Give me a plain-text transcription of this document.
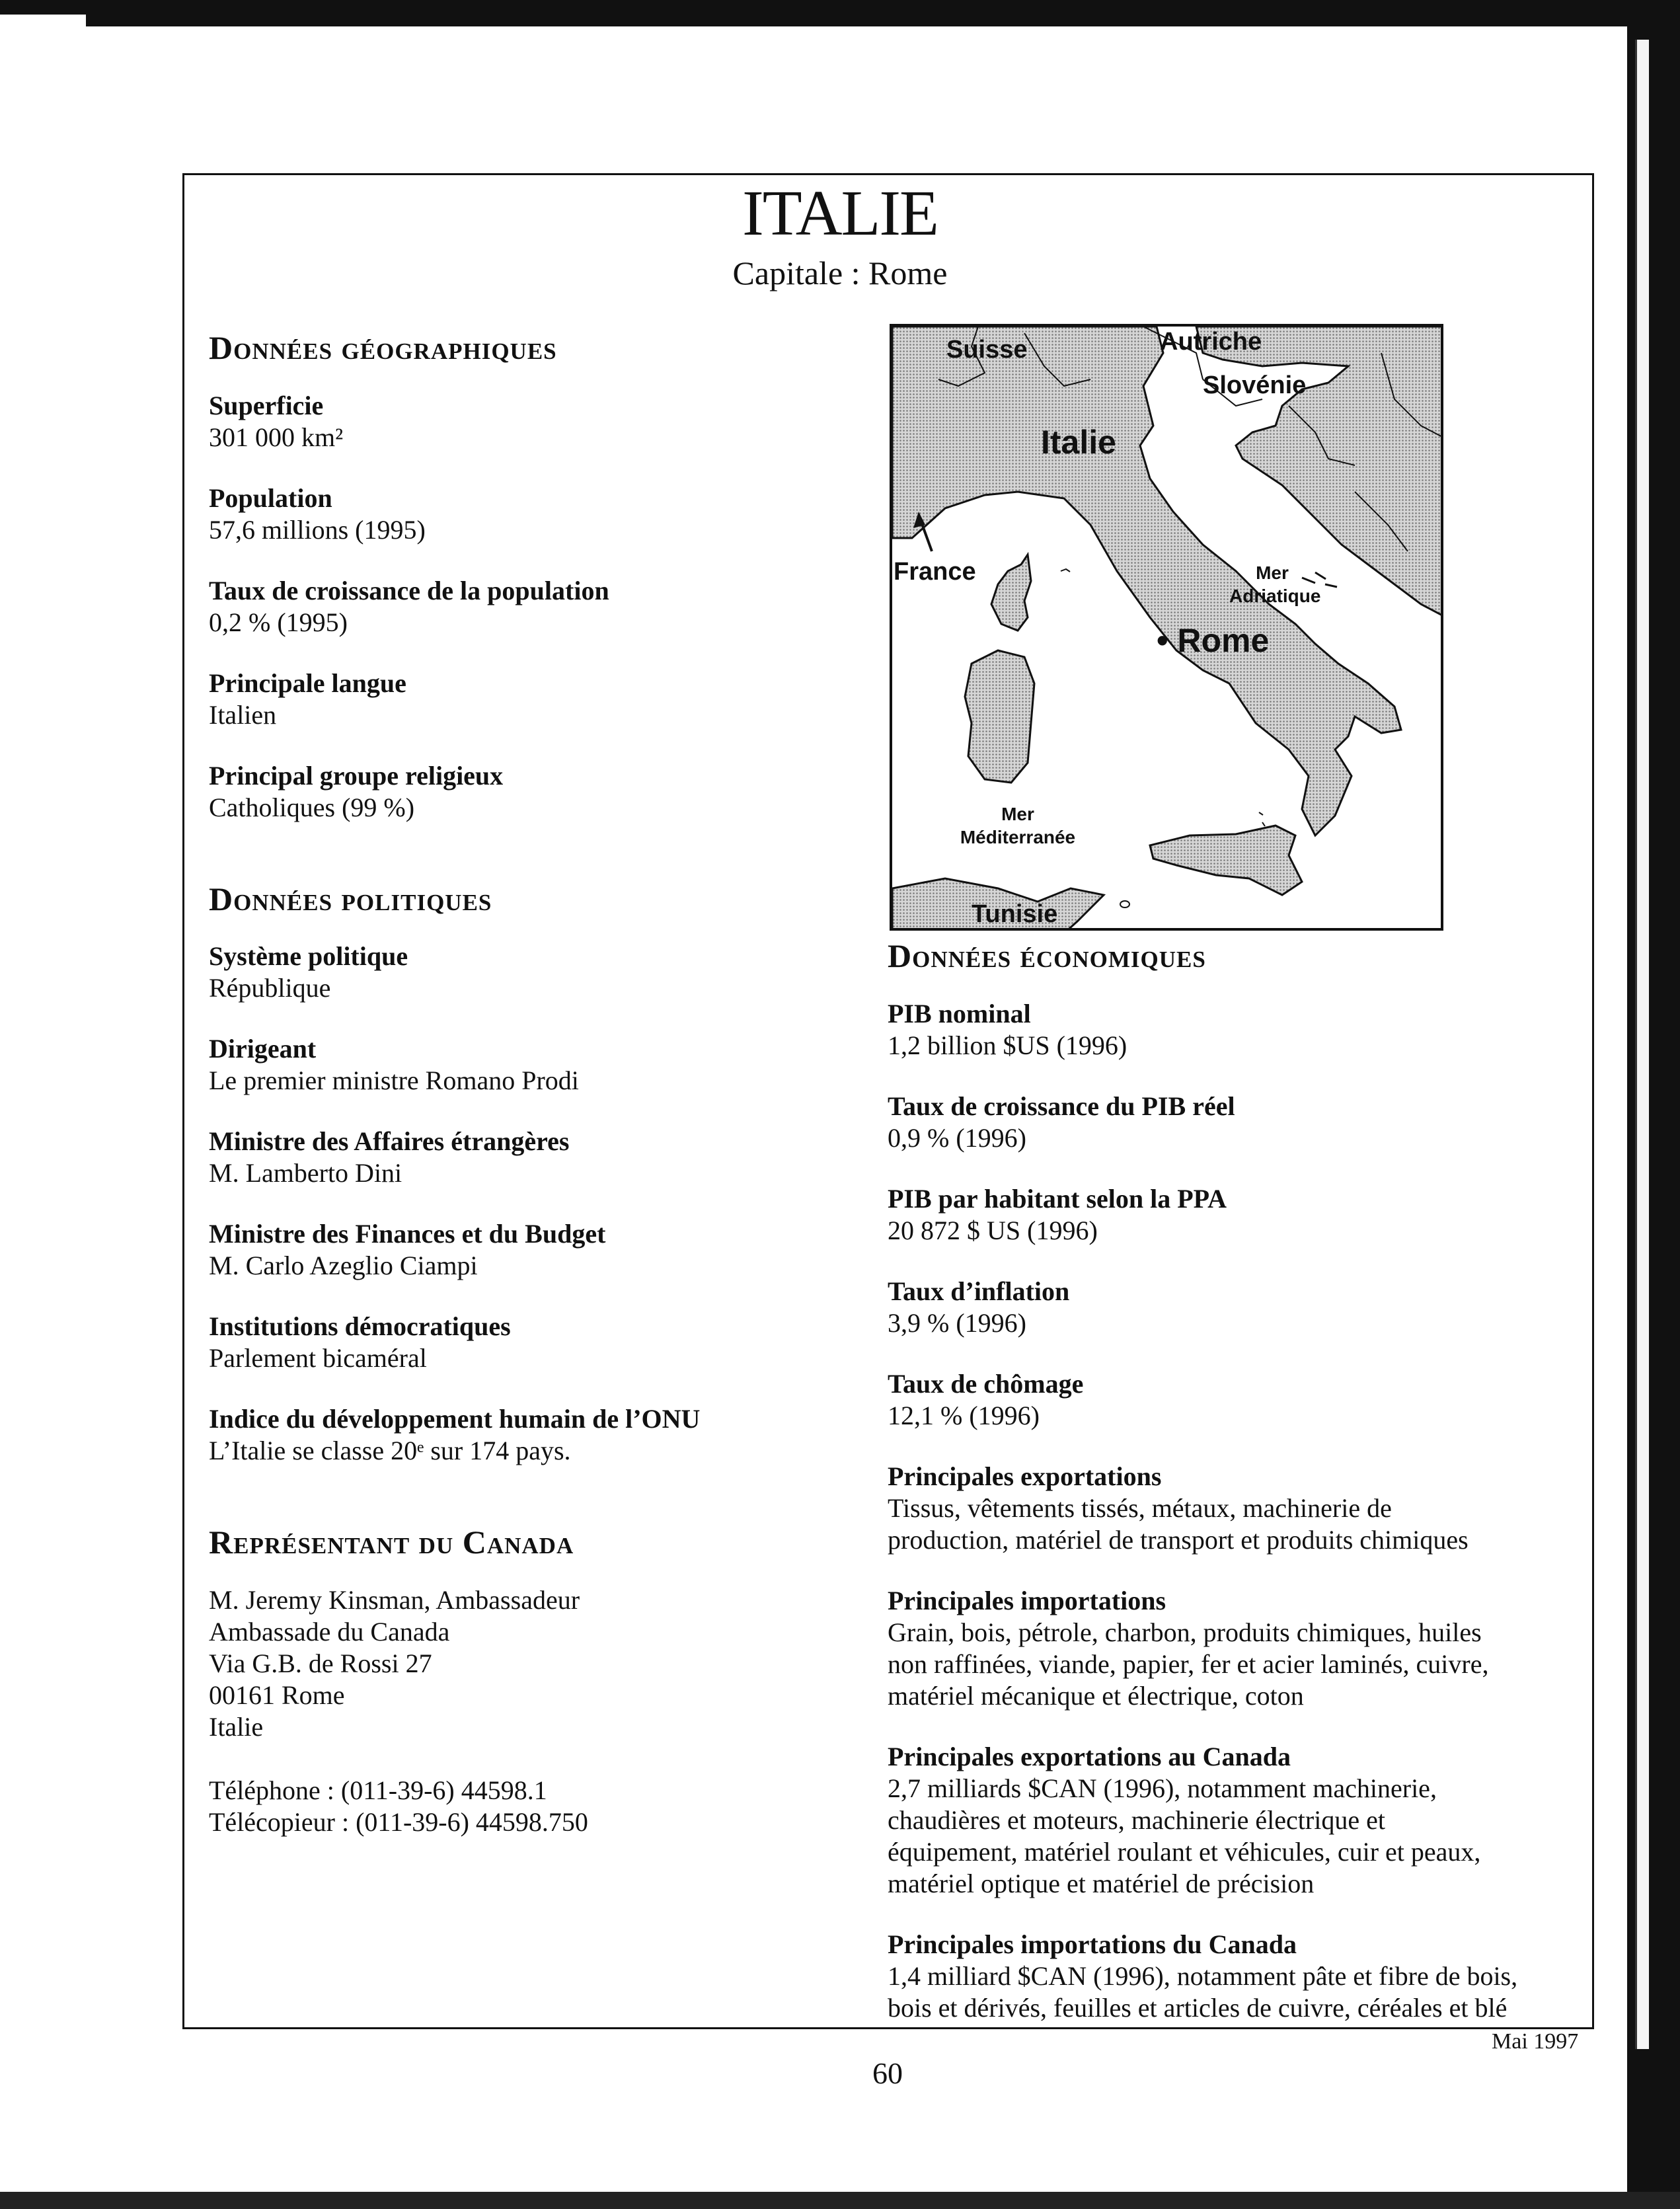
ITALIE
Capitale : Rome
Données géographiques
Superficie
301 000 km²
Population
57,6 millions (1995)
Taux de croissance de la population
0,2 % (1995)
Principale langue
Italien
Principal groupe religieux
Catholiques (99 %)
Données politiques
Système politique
République
Dirigeant
Le premier ministre Romano Prodi
Ministre des Affaires étrangères
M. Lamberto Dini
Ministre des Finances et du Budget
M. Carlo Azeglio Ciampi
Institutions démocratiques
Parlement bicaméral
Indice du développement humain de l’ONU
L’Italie se classe 20ᵉ sur 174 pays.
Représentant du Canada
M. Jeremy Kinsman, Ambassadeur
Ambassade du Canada
Via G.B. de Rossi 27
00161 Rome
Italie
Téléphone : (011-39-6) 44598.1
Télécopieur : (011-39-6) 44598.750
Suisse	Autriche
Slovénie
Italie
France	Mer
Adriatique
• Rome
Mer
Méditerranée
Tunisie
Données économiques
PIB nominal
1,2 billion $US (1996)
Taux de croissance du PIB réel
0,9 % (1996)
PIB par habitant selon la PPA
20 872 $ US (1996)
Taux d’inflation
3,9 % (1996)
Taux de chômage
12,1 % (1996)
Principales exportations
Tissus, vêtements tissés, métaux, machinerie de
production, matériel de transport et produits chimiques
Principales importations
Grain, bois, pétrole, charbon, produits chimiques, huiles
non raffinées, viande, papier, fer et acier laminés, cuivre,
matériel mécanique et électrique, coton
Principales exportations au Canada
2,7 milliards $CAN (1996), notamment machinerie,
chaudières et moteurs, machinerie électrique et
équipement, matériel roulant et véhicules, cuir et peaux,
matériel optique et matériel de précision
Principales importations du Canada
1,4 milliard $CAN (1996), notamment pâte et fibre de bois,
bois et dérivés, feuilles et articles de cuivre, céréales et blé
Mai 1997
60
